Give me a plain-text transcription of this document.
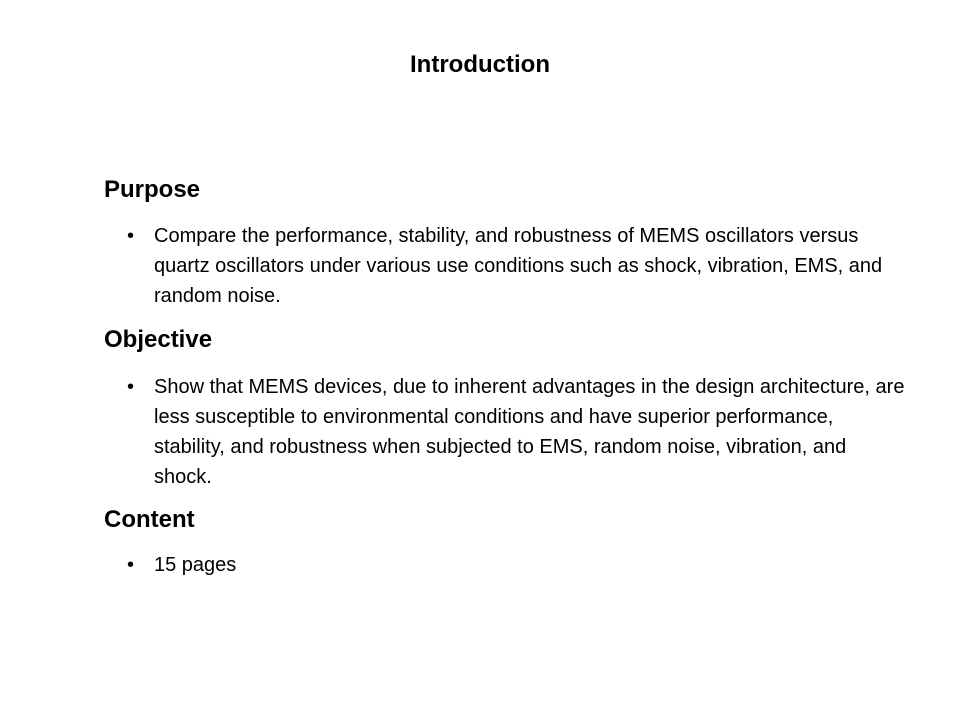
Introduction
Purpose
• Compare the performance, stability, and robustness of MEMS oscillators versus quartz oscillators under various use conditions such as shock, vibration, EMS, and random noise.
Objective
• Show that MEMS devices, due to inherent advantages in the design architecture, are less susceptible to environmental conditions and have superior performance, stability, and robustness when subjected to EMS, random noise, vibration, and shock.
Content
• 15 pages
